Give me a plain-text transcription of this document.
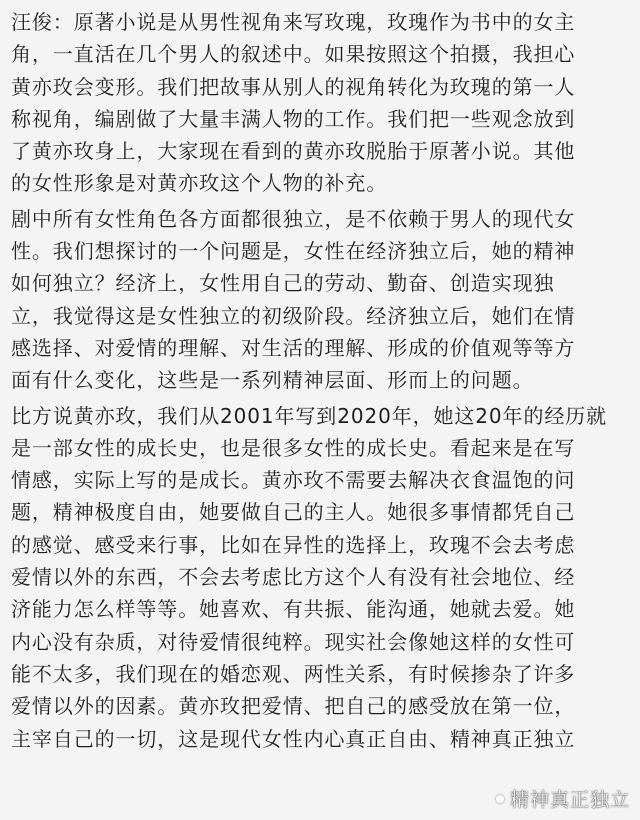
汪俊：原著小说是从男性视角来写玫瑰，玫瑰作为书中的女主
角，一直活在几个男人的叙述中。如果按照这个拍摄，我担心
黄亦玫会变形。我们把故事从别人的视角转化为玫瑰的第一人
称视角，编剧做了大量丰满人物的工作。我们把一些观念放到
了黄亦玫身上，大家现在看到的黄亦玫脱胎于原著小说。其他
的女性形象是对黄亦玫这个人物的补充。
剧中所有女性角色各方面都很独立，是不依赖于男人的现代女
性。我们想探讨的一个问题是，女性在经济独立后，她的精神
如何独立？经济上，女性用自己的劳动、勤奋、创造实现独
立，我觉得这是女性独立的初级阶段。经济独立后，她们在情
感选择、对爱情的理解、对生活的理解、形成的价值观等等方
面有什么变化，这些是一系列精神层面、形而上的问题。
比方说黄亦玫，我们从2001年写到2020年，她这20年的经历就
是一部女性的成长史，也是很多女性的成长史。看起来是在写
情感，实际上写的是成长。黄亦玫不需要去解决衣食温饱的问
题，精神极度自由，她要做自己的主人。她很多事情都凭自己
的感觉、感受来行事，比如在异性的选择上，玫瑰不会去考虑
爱情以外的东西，不会去考虑比方这个人有没有社会地位、经
济能力怎么样等等。她喜欢、有共振、能沟通，她就去爱。她
内心没有杂质，对待爱情很纯粹。现实社会像她这样的女性可
能不太多，我们现在的婚恋观、两性关系，有时候掺杂了许多
爱情以外的因素。黄亦玫把爱情、把自己的感受放在第一位，
主宰自己的一切，这是现代女性内心真正自由、精神真正独立
精神真正独立
